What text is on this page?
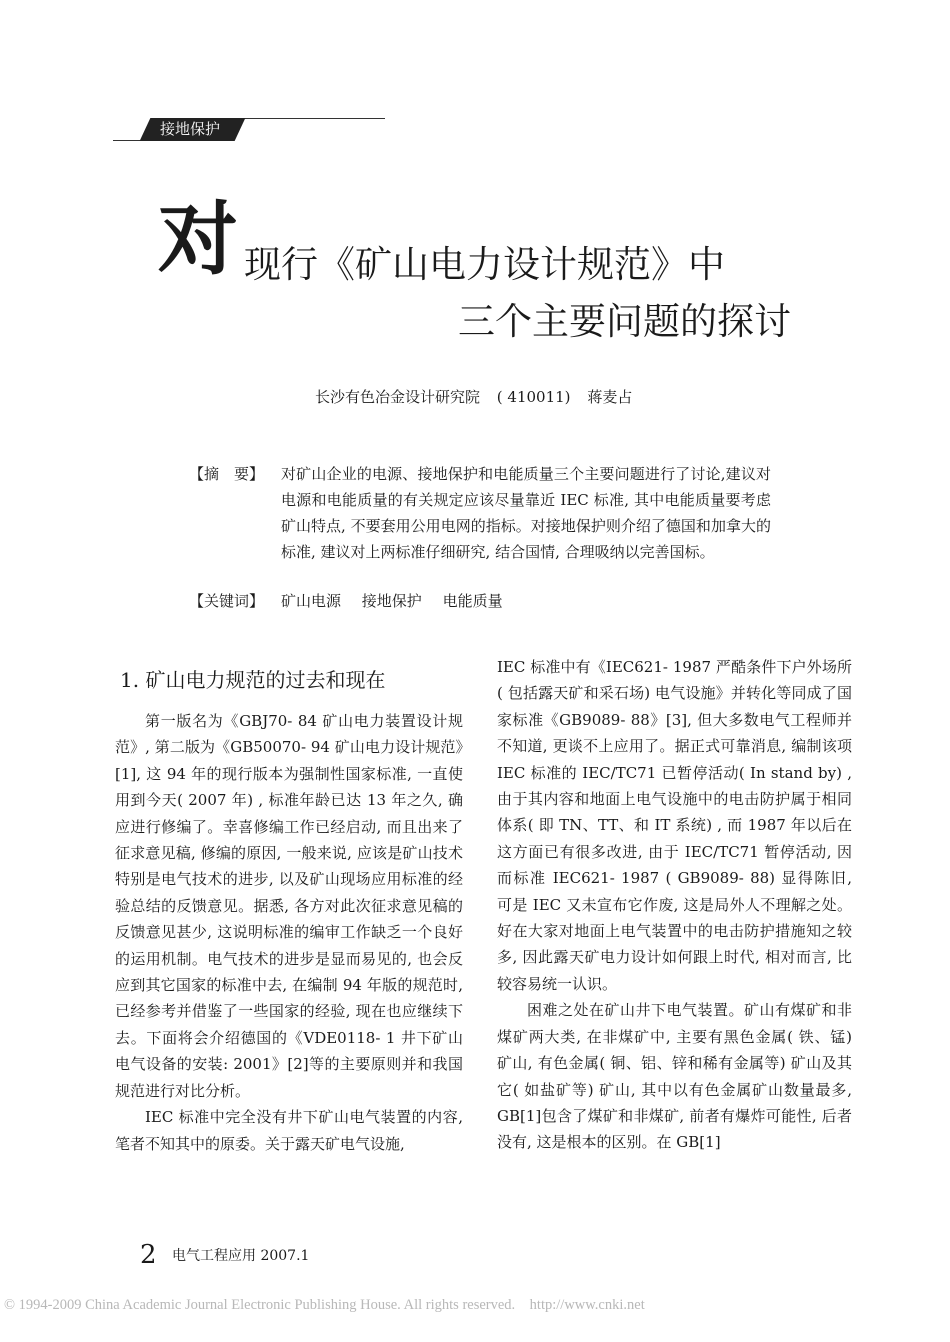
接地保护
对 现行《矿山电力设计规范》中
三个主要问题的探讨
长沙有色冶金设计研究院 ( 410011) 蒋麦占
【摘　要】 对矿山企业的电源、接地保护和电能质量三个主要问题进行了讨论,建议对电源和电能质量的有关规定应该尽量靠近 IEC 标准, 其中电能质量要考虑矿山特点, 不要套用公用电网的指标。对接地保护则介绍了德国和加拿大的标准, 建议对上两标准仔细研究, 结合国情, 合理吸纳以完善国标。
【关键词】 矿山电源 接地保护 电能质量
1. 矿山电力规范的过去和现在

第一版名为《GBJ70- 84 矿山电力装置设计规范》, 第二版为《GB50070- 94 矿山电力设计规范》[1], 这 94 年的现行版本为强制性国家标准, 一直使用到今天( 2007 年) , 标准年龄已达 13 年之久, 确应进行修编了。幸喜修编工作已经启动, 而且出来了征求意见稿, 修编的原因, 一般来说, 应该是矿山技术特别是电气技术的进步, 以及矿山现场应用标准的经验总结的反馈意见。据悉, 各方对此次征求意见稿的反馈意见甚少, 这说明标准的编审工作缺乏一个良好的运用机制。电气技术的进步是显而易见的, 也会反应到其它国家的标准中去, 在编制 94 年版的规范时, 已经参考并借鉴了一些国家的经验, 现在也应继续下去。下面将会介绍德国的《VDE0118- 1 井下矿山电气设备的安装: 2001》[2]等的主要原则并和我国规范进行对比分析。

IEC 标准中完全没有井下矿山电气装置的内容, 笔者不知其中的原委。关于露天矿电气设施,

IEC 标准中有《IEC621- 1987 严酷条件下户外场所( 包括露天矿和采石场) 电气设施》并转化等同成了国家标准《GB9089- 88》[3], 但大多数电气工程师并不知道, 更谈不上应用了。据正式可靠消息, 编制该项 IEC 标准的 IEC/TC71 已暂停活动( In stand by) , 由于其内容和地面上电气设施中的电击防护属于相同体系( 即 TN、TT、和 IT 系统) , 而 1987 年以后在这方面已有很多改进, 由于 IEC/TC71 暂停活动, 因而标准 IEC621- 1987 ( GB9089- 88) 显得陈旧, 可是 IEC 又未宣布它作废, 这是局外人不理解之处。好在大家对地面上电气装置中的电击防护措施知之较多, 因此露天矿电力设计如何跟上时代, 相对而言, 比较容易统一认识。

困难之处在矿山井下电气装置。矿山有煤矿和非煤矿两大类, 在非煤矿中, 主要有黑色金属( 铁、锰) 矿山, 有色金属( 铜、铝、锌和稀有金属等) 矿山及其它( 如盐矿等) 矿山, 其中以有色金属矿山数量最多, GB[1]包含了煤矿和非煤矿, 前者有爆炸可能性, 后者没有, 这是根本的区别。在 GB[1]

2 电气工程应用 2007.1
© 1994-2009 China Academic Journal Electronic Publishing House. All rights reserved.　http://www.cnki.net
